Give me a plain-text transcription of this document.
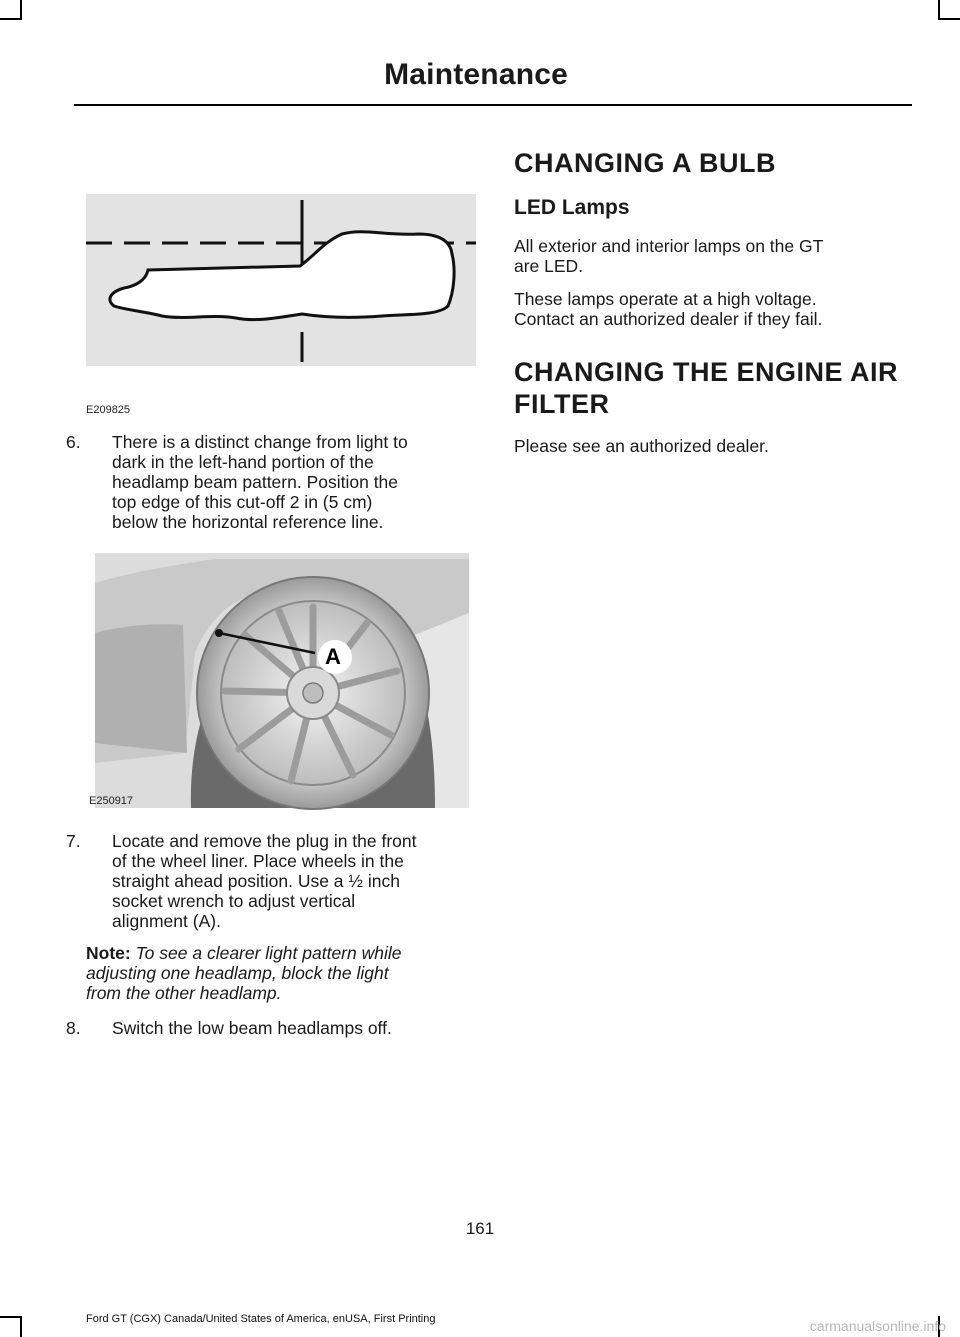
Maintenance
E209825
6. There is a distinct change from light to
dark in the left-hand portion of the
headlamp beam pattern. Position the
top edge of this cut-off 2 in (5 cm)
below the horizontal reference line.
A
E250917
7. Locate and remove the plug in the front
of the wheel liner. Place wheels in the
straight ahead position. Use a ½ inch
socket wrench to adjust vertical
alignment (A).
Note: To see a clearer light pattern while
adjusting one headlamp, block the light
from the other headlamp.
8. Switch the low beam headlamps off.
CHANGING A BULB
LED Lamps
All exterior and interior lamps on the GT
are LED.
These lamps operate at a high voltage.
Contact an authorized dealer if they fail.
CHANGING THE ENGINE AIR
FILTER
Please see an authorized dealer.
161
Ford GT (CGX) Canada/United States of America, enUSA, First Printing	carmanualsonline.info
